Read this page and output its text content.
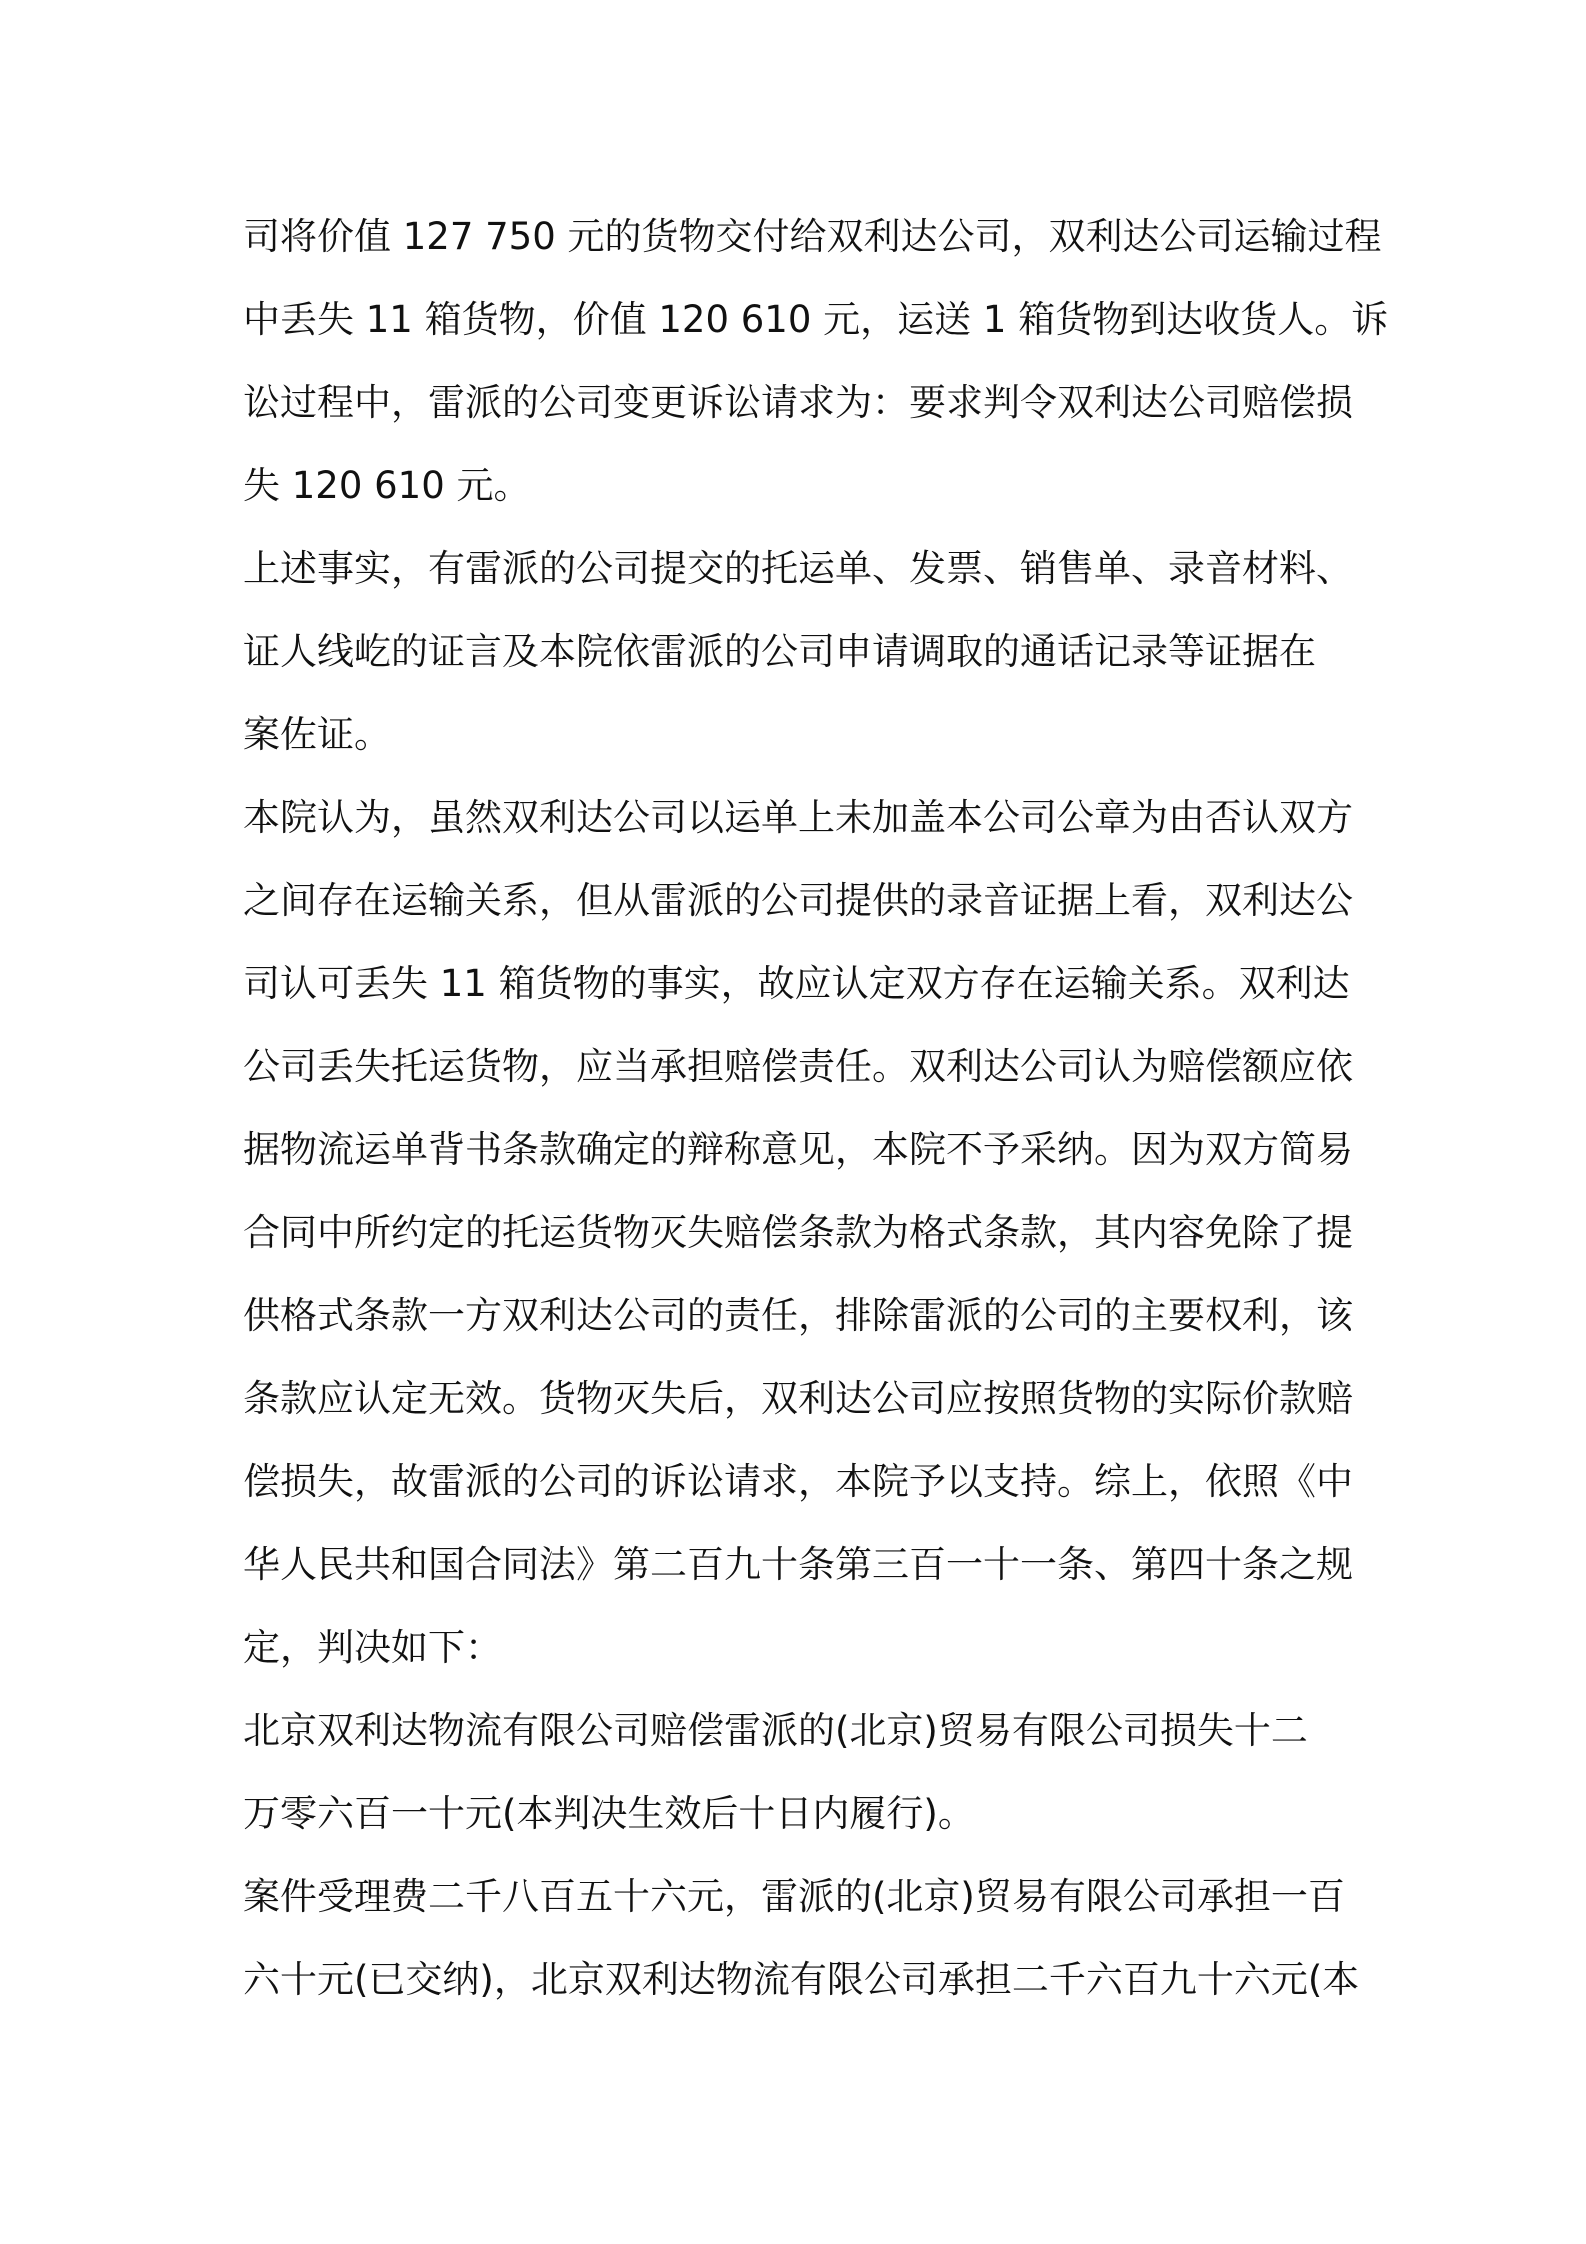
司将价值 127 750 元的货物交付给双利达公司，双利达公司运输过程
中丢失 11 箱货物，价值 120 610 元，运送 1 箱货物到达收货人。诉
讼过程中，雷派的公司变更诉讼请求为：要求判令双利达公司赔偿损
失 120 610 元。
上述事实，有雷派的公司提交的托运单、发票、销售单、录音材料、
证人线屹的证言及本院依雷派的公司申请调取的通话记录等证据在
案佐证。
本院认为，虽然双利达公司以运单上未加盖本公司公章为由否认双方
之间存在运输关系，但从雷派的公司提供的录音证据上看，双利达公
司认可丢失 11 箱货物的事实，故应认定双方存在运输关系。双利达
公司丢失托运货物，应当承担赔偿责任。双利达公司认为赔偿额应依
据物流运单背书条款确定的辩称意见，本院不予采纳。因为双方简易
合同中所约定的托运货物灭失赔偿条款为格式条款，其内容免除了提
供格式条款一方双利达公司的责任，排除雷派的公司的主要权利，该
条款应认定无效。货物灭失后，双利达公司应按照货物的实际价款赔
偿损失，故雷派的公司的诉讼请求，本院予以支持。综上，依照《中
华人民共和国合同法》第二百九十条第三百一十一条、第四十条之规
定，判决如下：
北京双利达物流有限公司赔偿雷派的(北京)贸易有限公司损失十二
万零六百一十元(本判决生效后十日内履行)。
案件受理费二千八百五十六元，雷派的(北京)贸易有限公司承担一百
六十元(已交纳)，北京双利达物流有限公司承担二千六百九十六元(本
